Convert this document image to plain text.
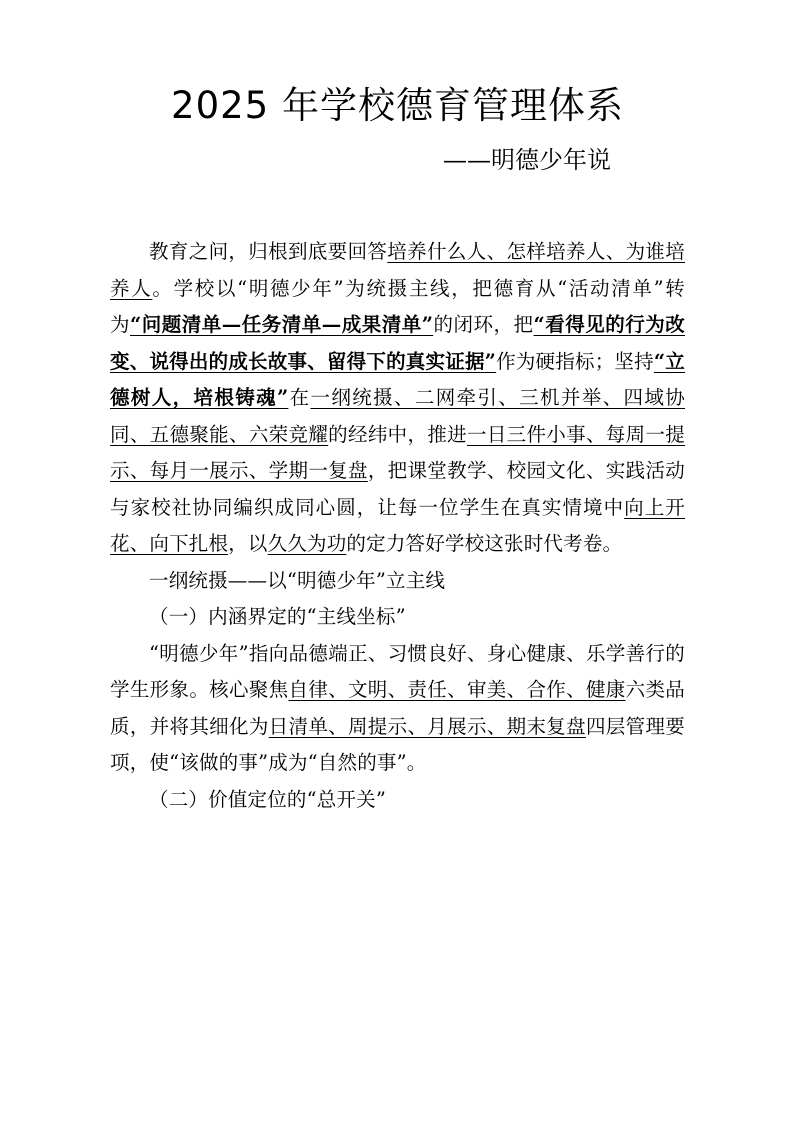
2025 年学校德育管理体系
——明德少年说

教育之问，归根到底要回答培养什么人、怎样培养人、为谁培养人。学校以“明德少年”为统摄主线，把德育从“活动清单”转为“问题清单—任务清单—成果清单”的闭环，把“看得见的行为改变、说得出的成长故事、留得下的真实证据”作为硬指标；坚持“立德树人，培根铸魂”在一纲统摄、二网牵引、三机并举、四域协同、五德聚能、六荣竞耀的经纬中，推进一日三件小事、每周一提示、每月一展示、学期一复盘，把课堂教学、校园文化、实践活动与家校社协同编织成同心圆，让每一位学生在真实情境中向上开花、向下扎根，以久久为功的定力答好学校这张时代考卷。

一纲统摄——以“明德少年”立主线

（一）内涵界定的“主线坐标”

“明德少年”指向品德端正、习惯良好、身心健康、乐学善行的学生形象。核心聚焦自律、文明、责任、审美、合作、健康六类品质，并将其细化为日清单、周提示、月展示、期末复盘四层管理要项，使“该做的事”成为“自然的事”。

（二）价值定位的“总开关”
